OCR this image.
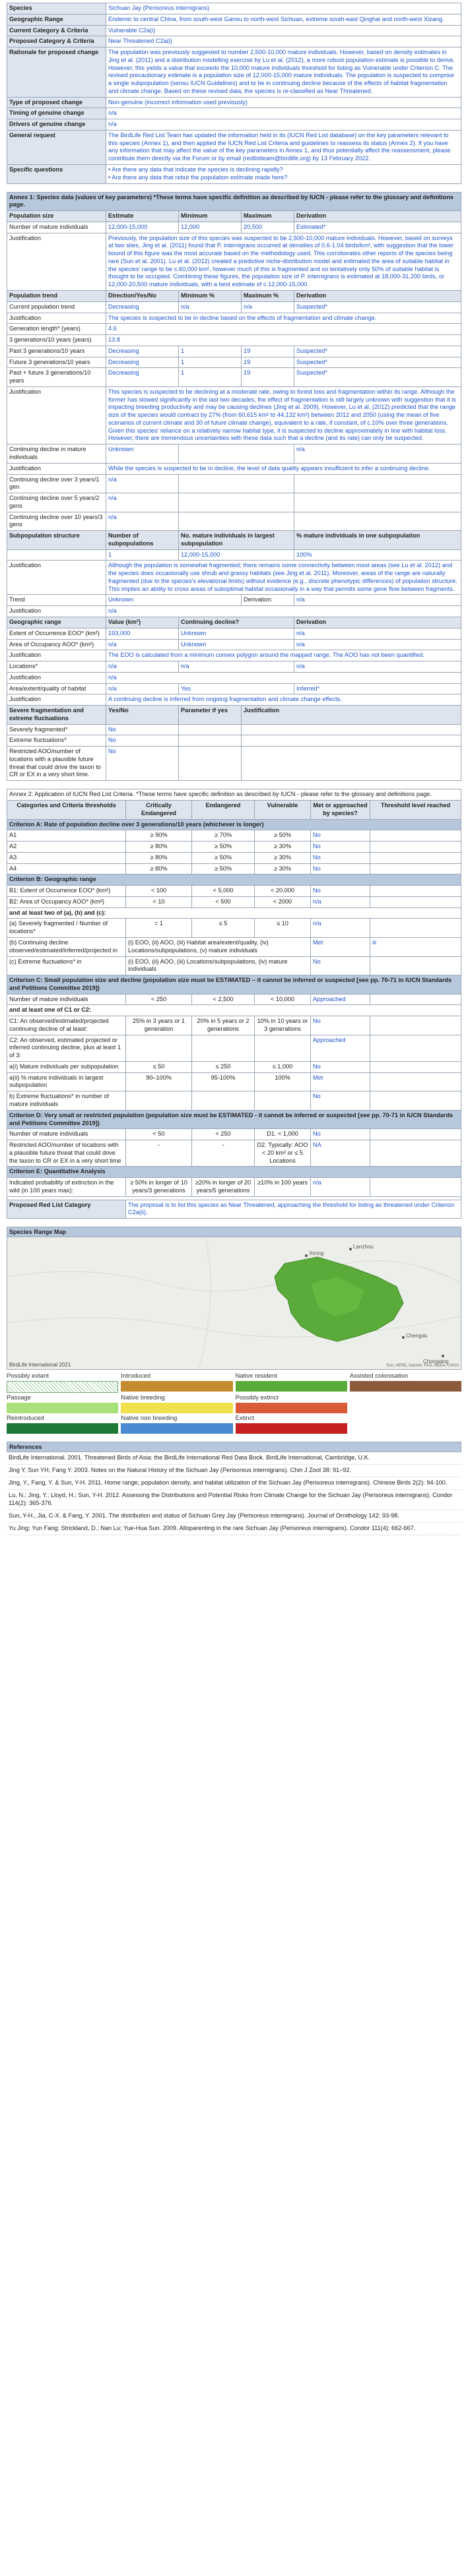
Species	Sichuan Jay (Perisoreus internigrans)
Geographic Range	Endemic to central China, from south-west Gansu to north-west Sichuan, extreme south-east Qinghai and north-west Xizang.
Current Category & Criteria	Vulnerable C2a(i)
Proposed Category & Criteria	Near Threatened C2a(i)
Rationale for proposed change	The population was previously suggested to number 2,500-10,000 mature individuals. However, based on density estimates in Jing et al. (2011) and a distribution modelling exercise by Lu et al. (2012), a more robust population estimate is possible to derive. However, this yields a value that exceeds the 10,000 mature individuals threshold for listing as Vulnerable under Criterion C. The revised precautionary estimate is a population size of 12,000-15,000 mature individuals. The population is suspected to comprise a single subpopulation (sensu IUCN Guidelines) and to be in continuing decline because of the effects of habitat fragmentation and climate change. Based on these revised data, the species is re-classified as Near Threatened.
Type of proposed change	Non-genuine (incorrect information used previously)
Timing of genuine change	n/a
Drivers of genuine change	n/a
General request	The BirdLife Red List Team has updated the information held in its (IUCN Red List database) on the key parameters relevant to this species (Annex 1), and then applied the IUCN Red List Criteria and guidelines to reassess its status (Annex 2). If you have any information that may affect the value of the key parameters in Annex 1, and thus potentially affect the reassessment, please contribute them directly via the Forum or by email (redlistteam@birdlife.org) by 13 February 2022.
Specific questions	• Are there any data that indicate the species is declining rapidly?
• Are there any data that rebut the population estimate made here?
Annex 1: Species data (values of key parameters) *These terms have specific definition as described by IUCN - please refer to the glossary and definitions page.				
Population size	Estimate	Minimum	Maximum	Derivation
Number of mature individuals	12,000-15,000	12,000	20,500	Estimated*
Justification	Previously, the population size of this species was suspected to be 2,500-10,000 mature individuals. However, based on surveys at two sites, Jing et al. (2011) found that P. internigrans occurred at densities of 0.6-1.04 birds/km², with suggestion that the lower bound of this figure was the most accurate based on the methodology used. This corroborates other reports of the species being rare (Sun et al. 2001). Lu et al. (2012) created a predictive niche-distribution model and estimated the area of suitable habitat in the species' range to be c.60,000 km², however much of this is fragmented and so tentatively only 50% of suitable habitat is thought to be occupied. Combining these figures, the population size of P. internigrans is estimated at 18,000-31,200 birds, or 12,000-20,500 mature individuals, with a best estimate of c.12,000-15,000.			
Population trend	Direction/Yes/No	Minimum %	Maximum %	Derivation
Current population trend	Decreasing	n/a	n/a	Suspected*
Justification	The species is suspected to be in decline based on the effects of fragmentation and climate change.			
Generation length* (years)	4.6			
3 generations/10 years (years)	13.8			
Past 3 generations/10 years	Decreasing	1	19	Suspected*
Future 3 generations/10 years	Decreasing	1	19	Suspected*
Past + future 3 generations/10 years	Decreasing	1	19	Suspected*
Justification	This species is suspected to be declining at a moderate rate, owing to forest loss and fragmentation within its range. Although the former has slowed significantly in the last two decades, the effect of fragmentation is still largely unknown with suggestion that it is impacting breeding productivity and may be causing declines (Jing et al. 2009). However, Lu et al. (2012) predicted that the range size of the species would contract by 27% (from 60,615 km² to 44,132 km²) between 2012 and 2050 (using the mean of five scenarios of current climate and 30 of future climate change), equivalent to a rate, if constant, of c.10% over three generations. Given this species' reliance on a relatively narrow habitat type, it is suspected to decline approximately in line with habitat loss. However, there are tremendous uncertainties with these data such that a decline (and its rate) can only be suspected.			
Continuing decline in mature individuals	Unknown			n/a
Justification	While the species is suspected to be in decline, the level of data quality appears insufficient to infer a continuing decline.			
Continuing decline over 3 years/1 gen	n/a			
Continuing decline over 5 years/2 gens	n/a			
Continuing decline over 10 years/3 gens	n/a			
Subpopulation structure	Number of subpopulations	No. mature individuals in largest subpopulation		% mature individuals in one subpopulation
	1	12,000-15,000		100%
Justification	Although the population is somewhat fragmented; there remains some connectivity between most areas (see Lu et al. 2012) and the species does occasionally use shrub and grassy habitats (see Jing et al. 2011). Moreover, areas of the range are naturally fragmented (due to the species's elevational limits) without evidence (e.g., discrete phenotypic differences) of population structure. This implies an ability to cross areas of suboptimal habitat occasionally in a way that permits some gene flow between fragments.			
Trend	Unknown		Derivation:	n/a
Justification	n/a			
Geographic range	Value (km²)	Continuing decline?		Derivation
Extent of Occurrence EOO* (km²)	193,000	Unknown		n/a
Area of Occupancy AOO* (km²)	n/a	Unknown		n/a
Justification	The EOO is calculated from a minimum convex polygon around the mapped range. The AOO has not been quantified.			
Locations*	n/a	n/a		n/a
Justification	n/a			
Area/extent/quality of habitat	n/a	Yes		Inferred*
Justification	A continuing decline is inferred from ongoing fragmentation and climate change effects.			
Severe fragmentation and extreme fluctuations	Yes/No	Parameter if yes	Justification	
Severely fragmented*	No			
Extreme fluctuations*	No			
Restricted AOO/number of locations with a plausible future threat that could drive the taxon to CR or EX in a very short time.	No			
Annex 2: Application of IUCN Red List Criteria. *These terms have specific definition as described by IUCN - please refer to the glossary and definitions page.					
Categories and Criteria thresholds	Critically Endangered	Endangered	Vulnerable	Met or approached by species?	Threshold level reached
Criterion A: Rate of population decline over 3 generations/10 years (whichever is longer)					
A1	≥ 90%	≥ 70%	≥ 50%	No	
A2	≥ 80%	≥ 50%	≥ 30%	No	
A3	≥ 80%	≥ 50%	≥ 30%	No	
A4	≥ 80%	≥ 50%	≥ 30%	No	
Criterion B: Geographic range					
B1: Extent of Occurrence EOO* (km²)	< 100	< 5,000	< 20,000	No	
B2: Area of Occupancy AOO* (km²)	< 10	< 500	< 2000	n/a	
and at least two of (a), (b) and (c):					
(a) Severely fragmented / Number of locations*	= 1	≤ 5	≤ 10	n/a	
(b) Continuing decline observed/estimated/inferred/projected in	(i) EOO, (ii) AOO, (iii) Habitat area/extent/quality, (iv) Locations/subpopulations, (v) mature individuals			Met	iii
(c) Extreme fluctuations* in	(i) EOO, (ii) AOO, (iii) Locations/subpopulations, (iv) mature individuals			No	
Criterion C: Small population size and decline (population size must be ESTIMATED – it cannot be inferred or suspected [see pp. 70-71 in IUCN Standards and Petitions Committee 2019])					
Number of mature individuals	< 250	< 2,500	< 10,000	Approached	
and at least one of C1 or C2:					
C1: An observed/estimated/projected continuing decline of at least:	25% in 3 years or 1 generation	20% in 5 years or 2 generations	10% in 10 years or 3 generations	No	
C2: An observed, estimated projected or inferred continuing decline, plus at least 1 of 3:				Approached	
a(i) Mature individuals per subpopulation	≤ 50	≤ 250	≤ 1,000	No	
a(ii) % mature individuals in largest subpopulation	90–100%	95-100%	100%	Met	
b) Extreme fluctuations* in number of mature individuals				No	
Criterion D: Very small or restricted population (population size must be ESTIMATED - it cannot be inferred or suspected [see pp. 70-71 in IUCN Standards and Petitions Committee 2019])					
Number of mature individuals	< 50	< 250	D1. < 1,000	No	
Restricted AOO/number of locations with a plausible future threat that could drive the taxon to CR or EX in a very short time	-	-	D2. Typically: AOO < 20 km² or ≤ 5 Locations	NA	
Criterion E: Quantitative Analysis					
Indicated probability of extinction in the wild (in 100 years max):	≥ 50% in longer of 10 years/3 generations	≥20% in longer of 20 years/5 generations	≥10% in 100 years	n/a	

Proposed Red List Category	The proposal is to list this species as Near Threatened, approaching the threshold for listing as threatened under Criterion C2a(ii).				
Species Range Map
Xining
Chengdu
Chongqing
Lanzhou
BirdLife International 2021	Esri, HERE, Garmin, FAO, NOAA, USGS
Possibly extant	Introduced	Native resident	Assisted colonisation
Passage	Native breeding	Possibly extinct
Reintroduced	Native non breeding	Extinct
References
BirdLife International. 2001. Threatened Birds of Asia: the BirdLife International Red Data Book. BirdLife International, Cambridge, U.K.
Jing Y, Sun YH, Fang Y. 2003. Notes on the Natural History of the Sichuan Jay (Perisoreus internigrans). Chin J Zool 38: 91–92.
Jing, Y., Fang, Y. & Sun, Y-H. 2011. Home range, population density, and habitat utilization of the Sichuan Jay (Perisoreus internigrans). Chinese Birds 2(2): 94-100.
Lu, N.; Jing, Y.; Lloyd, H.; Sun, Y-H. 2012. Assessing the Distributions and Potential Risks from Climate Change for the Sichuan Jay (Perisoreus internigrans). Condor 114(2): 365-376.
Sun, Y-H., Jia, C-X. & Fang, Y. 2001. The distribution and status of Sichuan Grey Jay (Perisoreus internigrans). Journal of Ornithology 142: 93-98.
Yu Jing; Yun Fang; Strickland, D.; Nan Lu; Yue-Hua Sun. 2009. Alloparenting in the rare Sichuan Jay (Perisoreus internigrans). Condor 111(4): 662-667.
